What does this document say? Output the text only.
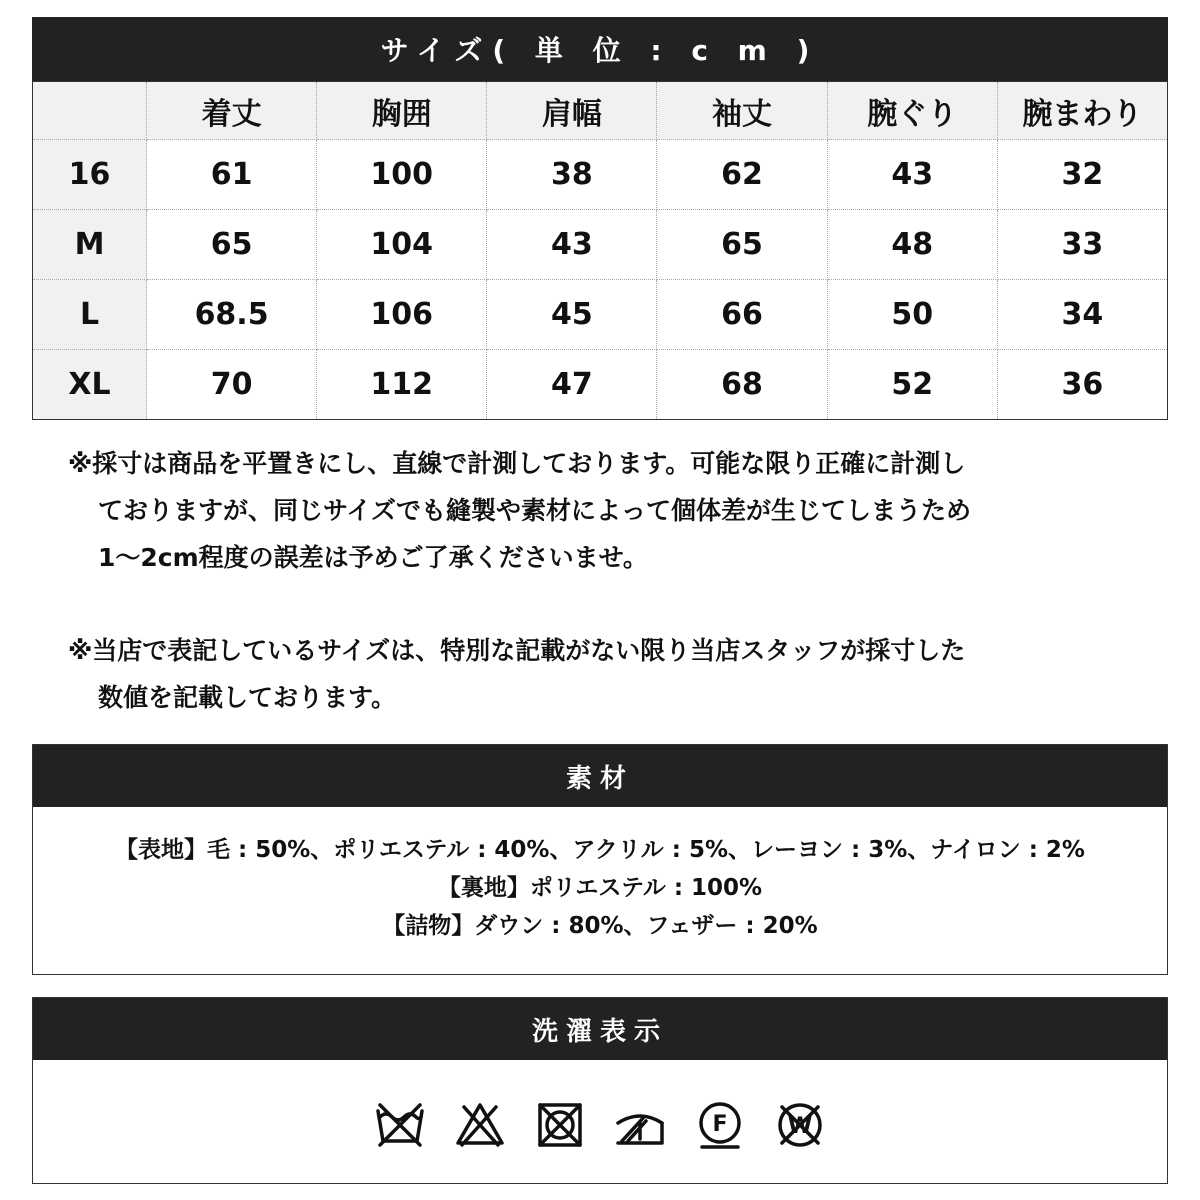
サイズ( 単 位 : c m )
	着丈	胸囲	肩幅	袖丈	腕ぐり	腕まわり
16	61	100	38	62	43	32
M	65	104	43	65	48	33
L	68.5	106	45	66	50	34
XL	70	112	47	68	52	36

※採寸は商品を平置きにし、直線で計測しております。可能な限り正確に計測し

ておりますが、同じサイズでも縫製や素材によって個体差が生じてしまうため

1〜2cm程度の誤差は予めご了承くださいませ。

※当店で表記しているサイズは、特別な記載がない限り当店スタッフが採寸した

数値を記載しております。

素材

【表地】毛 : 50%、ポリエステル : 40%、アクリル : 5%、レーヨン : 3%、ナイロン : 2%

【裏地】ポリエステル : 100%

【詰物】ダウン : 80%、フェザー : 20%

洗濯表示
F	W
